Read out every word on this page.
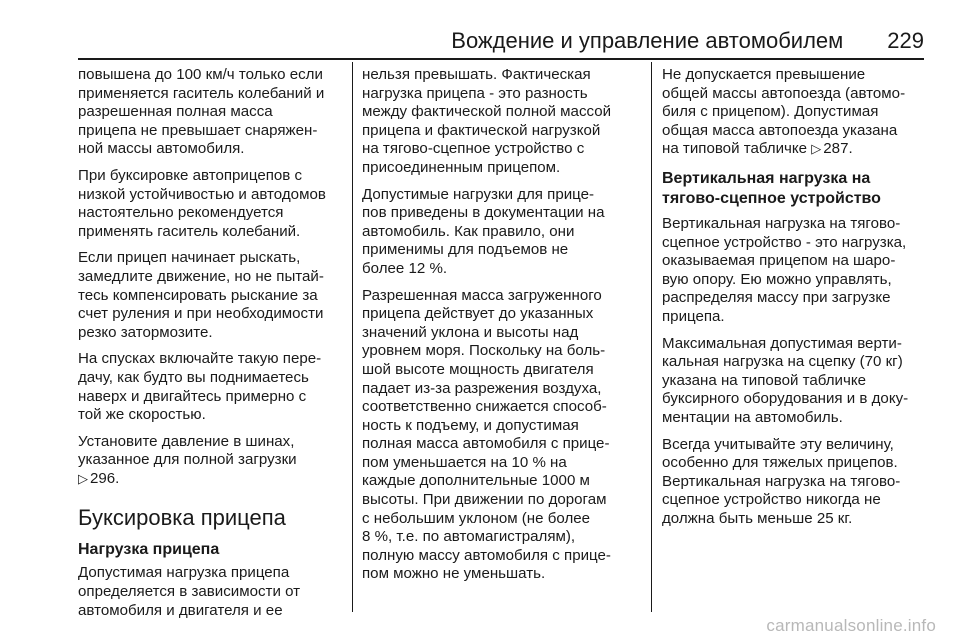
Вождение и управление автомобилем 229

повышена до 100 км/ч только если
применяется гаситель колебаний и
разрешенная полная масса
прицепа не превышает снаряжен-
ной массы автомобиля.

При буксировке автоприцепов с
низкой устойчивостью и автодомов
настоятельно рекомендуется
применять гаситель колебаний.

Если прицеп начинает рыскать,
замедлите движение, но не пытай-
тесь компенсировать рыскание за
счет руления и при необходимости
резко затормозите.

На спусках включайте такую пере-
дачу, как будто вы поднимаетесь
наверх и двигайтесь примерно с
той же скоростью.

Установите давление в шинах,
указанное для полной загрузки
▷ 296.

Буксировка прицепа
Нагрузка прицепа

Допустимая нагрузка прицепа
определяется в зависимости от
автомобиля и двигателя и ее

нельзя превышать. Фактическая
нагрузка прицепа - это разность
между фактической полной массой
прицепа и фактической нагрузкой
на тягово-сцепное устройство с
присоединенным прицепом.

Допустимые нагрузки для прице-
пов приведены в документации на
автомобиль. Как правило, они
применимы для подъемов не
более 12 %.

Разрешенная масса загруженного
прицепа действует до указанных
значений уклона и высоты над
уровнем моря. Поскольку на боль-
шой высоте мощность двигателя
падает из-за разрежения воздуха,
соответственно снижается способ-
ность к подъему, и допустимая
полная масса автомобиля с прице-
пом уменьшается на 10 % на
каждые дополнительные 1000 м
высоты. При движении по дорогам
с небольшим уклоном (не более
8 %, т.е. по автомагистралям),
полную массу автомобиля с прице-
пом можно не уменьшать.

Не допускается превышение
общей массы автопоезда (автомо-
биля с прицепом). Допустимая
общая масса автопоезда указана
на типовой табличке ▷ 287.

Вертикальная нагрузка на
тягово-сцепное устройство

Вертикальная нагрузка на тягово-
сцепное устройство - это нагрузка,
оказываемая прицепом на шаро-
вую опору. Ею можно управлять,
распределяя массу при загрузке
прицепа.

Максимальная допустимая верти-
кальная нагрузка на сцепку (70 кг)
указана на типовой табличке
буксирного оборудования и в доку-
ментации на автомобиль.

Всегда учитывайте эту величину,
особенно для тяжелых прицепов.
Вертикальная нагрузка на тягово-
сцепное устройство никогда не
должна быть меньше 25 кг.

carmanualsonline.info
